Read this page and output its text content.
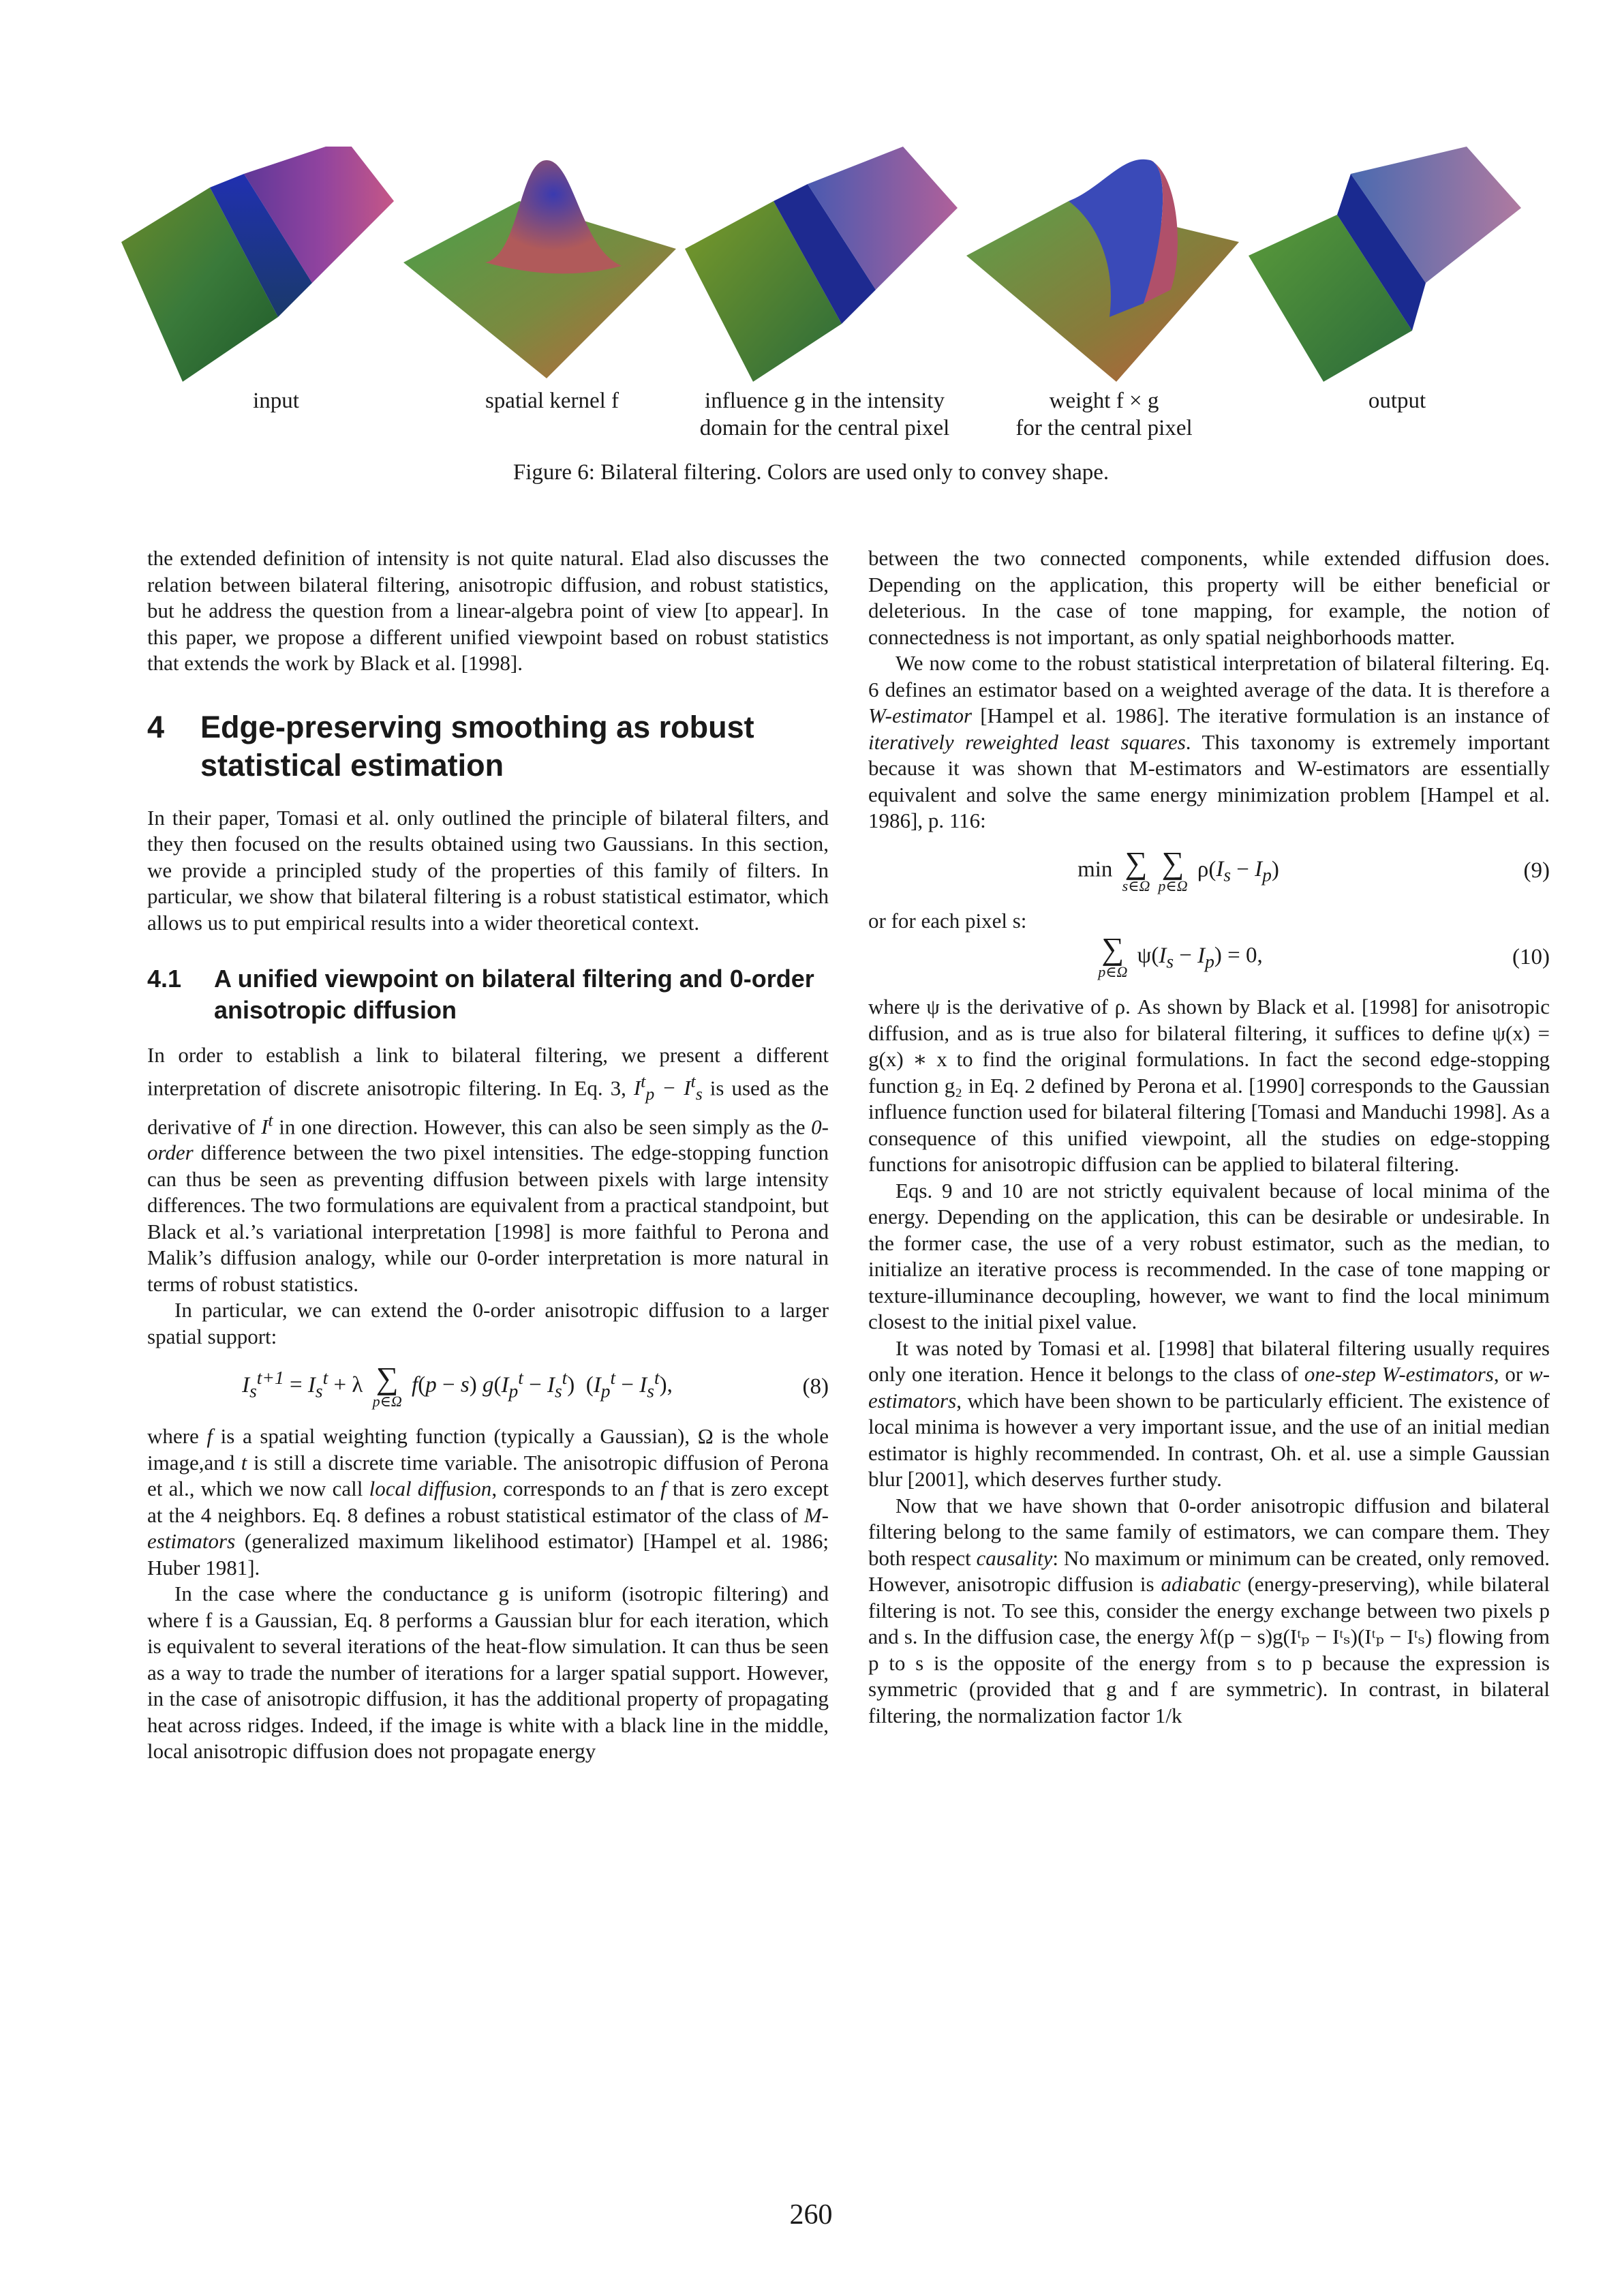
input	spatial kernel f	influence g in the intensity
domain for the central pixel
weight f × g
for the central pixel
output
Figure 6: Bilateral filtering. Colors are used only to convey shape.

the extended definition of intensity is not quite natural. Elad also discusses the relation between bilateral filtering, anisotropic diffusion, and robust statistics, but he address the question from a linear-algebra point of view [to appear]. In this paper, we propose a different unified viewpoint based on robust statistics that extends the work by Black et al. [1998].

4	Edge-preserving smoothing as robust statistical estimation

In their paper, Tomasi et al. only outlined the principle of bilateral filters, and they then focused on the results obtained using two Gaussians. In this section, we provide a principled study of the properties of this family of filters. In particular, we show that bilateral filtering is a robust statistical estimator, which allows us to put empirical results into a wider theoretical context.

4.1	A unified viewpoint on bilateral filtering and 0-order anisotropic diffusion

In order to establish a link to bilateral filtering, we present a different interpretation of discrete anisotropic filtering. In Eq. 3, $I^t_p - I^t_s$ is used as the derivative of $I^t$ in one direction. However, this can also be seen simply as the 0-order difference between the two pixel intensities. The edge-stopping function can thus be seen as preventing diffusion between pixels with large intensity differences. The two formulations are equivalent from a practical standpoint, but Black et al.’s variational interpretation [1998] is more faithful to Perona and Malik’s diffusion analogy, while our 0-order interpretation is more natural in terms of robust statistics.

In particular, we can extend the 0-order anisotropic diffusion to a larger spatial support:

$I_s^{t+1} = I_s^t + \lambda$ ∑
p∈Ω
f(p − s) $g(I_p^t - I_s^t) (I_p^t - I_s^t)$,	(8)

where f is a spatial weighting function (typically a Gaussian), Ω is the whole image,and t is still a discrete time variable. The anisotropic diffusion of Perona et al., which we now call local diffusion, corresponds to an f that is zero except at the 4 neighbors. Eq. 8 defines a robust statistical estimator of the class of M-estimators (generalized maximum likelihood estimator) [Hampel et al. 1986; Huber 1981].

In the case where the conductance g is uniform (isotropic filtering) and where f is a Gaussian, Eq. 8 performs a Gaussian blur for each iteration, which is equivalent to several iterations of the heat-flow simulation. It can thus be seen as a way to trade the number of iterations for a larger spatial support. However, in the case of anisotropic diffusion, it has the additional property of propagating heat across ridges. Indeed, if the image is white with a black line in the middle, local anisotropic diffusion does not propagate energy

between the two connected components, while extended diffusion does. Depending on the application, this property will be either beneficial or deleterious. In the case of tone mapping, for example, the notion of connectedness is not important, as only spatial neighborhoods matter.

We now come to the robust statistical interpretation of bilateral filtering. Eq. 6 defines an estimator based on a weighted average of the data. It is therefore a W-estimator [Hampel et al. 1986]. The iterative formulation is an instance of iteratively reweighted least squares. This taxonomy is extremely important because it was shown that M-estimators and W-estimators are essentially equivalent and solve the same energy minimization problem [Hampel et al. 1986], p. 116:

min ∑
s∈Ω
∑
p∈Ω
$\rho(I_s - I_p)$	(9)

or for each pixel s:

∑
p∈Ω
$\psi(I_s - I_p) = 0$,	(10)

where ψ is the derivative of ρ. As shown by Black et al. [1998] for anisotropic diffusion, and as is true also for bilateral filtering, it suffices to define ψ(x) = g(x) ∗ x to find the original formulations. In fact the second edge-stopping function g₂ in Eq. 2 defined by Perona et al. [1990] corresponds to the Gaussian influence function used for bilateral filtering [Tomasi and Manduchi 1998]. As a consequence of this unified viewpoint, all the studies on edge-stopping functions for anisotropic diffusion can be applied to bilateral filtering.

Eqs. 9 and 10 are not strictly equivalent because of local minima of the energy. Depending on the application, this can be desirable or undesirable. In the former case, the use of a very robust estimator, such as the median, to initialize an iterative process is recommended. In the case of tone mapping or texture-illuminance decoupling, however, we want to find the local minimum closest to the initial pixel value.

It was noted by Tomasi et al. [1998] that bilateral filtering usually requires only one iteration. Hence it belongs to the class of one-step W-estimators, or w-estimators, which have been shown to be particularly efficient. The existence of local minima is however a very important issue, and the use of an initial median estimator is highly recommended. In contrast, Oh. et al. use a simple Gaussian blur [2001], which deserves further study.

Now that we have shown that 0-order anisotropic diffusion and bilateral filtering belong to the same family of estimators, we can compare them. They both respect causality: No maximum or minimum can be created, only removed. However, anisotropic diffusion is adiabatic (energy-preserving), while bilateral filtering is not. To see this, consider the energy exchange between two pixels p and s. In the diffusion case, the energy λf(p − s)g(Iᵗₚ − Iᵗₛ)(Iᵗₚ − Iᵗₛ) flowing from p to s is the opposite of the energy from s to p because the expression is symmetric (provided that g and f are symmetric). In contrast, in bilateral filtering, the normalization factor 1/k

260
